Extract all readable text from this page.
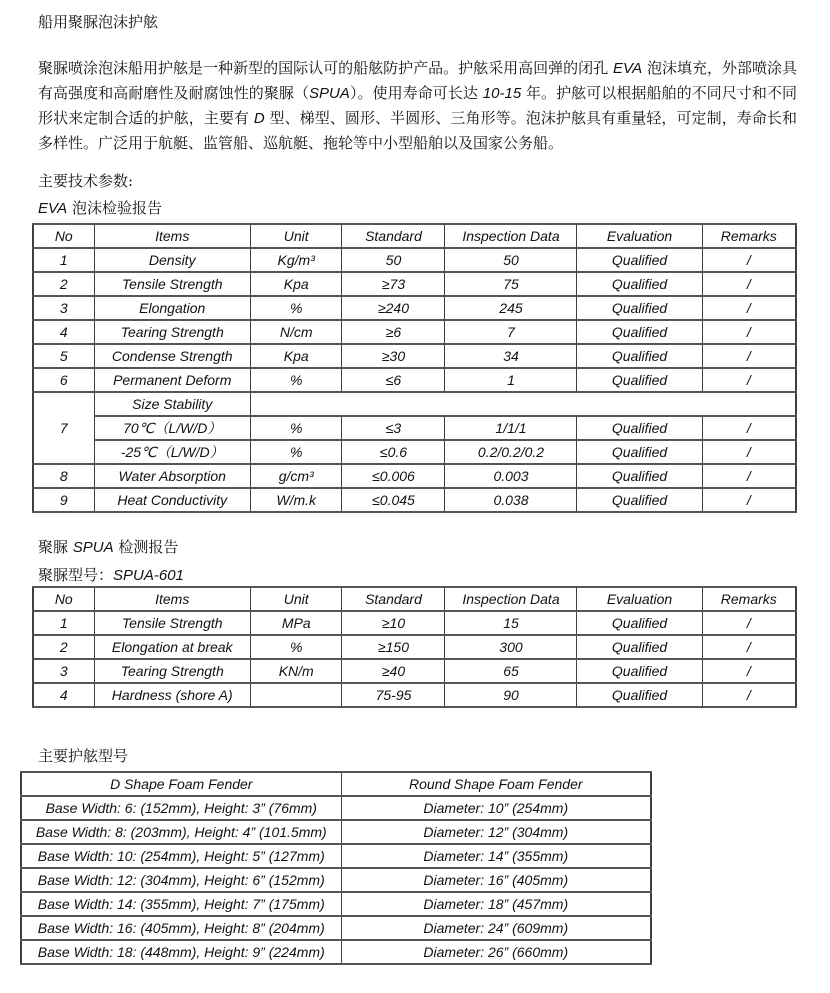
船用聚脲泡沫护舷

聚脲喷涂泡沫船用护舷是一种新型的国际认可的船舷防护产品。护舷采用高回弹的闭孔 EVA 泡沫填充，外部喷涂具有高强度和高耐磨性及耐腐蚀性的聚脲（SPUA）。使用寿命可长达 10-15 年。护舷可以根据船舶的不同尺寸和不同形状来定制合适的护舷，主要有 D 型、梯型、圆形、半圆形、三角形等。泡沫护舷具有重量轻，可定制，寿命长和多样性。广泛用于航艇、监管船、巡航艇、拖轮等中小型船舶以及国家公务船。

主要技术参数:
EVA 泡沫检验报告
No	Items	Unit	Standard	Inspection Data	Evaluation	Remarks
1	Density	Kg/m³	50	50	Qualified	/
2	Tensile Strength	Kpa	≥73	75	Qualified	/
3	Elongation	%	≥240	245	Qualified	/
4	Tearing Strength	N/cm	≥6	7	Qualified	/
5	Condense Strength	Kpa	≥30	34	Qualified	/
6	Permanent Deform	%	≤6	1	Qualified	/
7	Size Stability					
	70℃（L/W/D）	%	≤3	1/1/1	Qualified	/
	-25℃（L/W/D）	%	≤0.6	0.2/0.2/0.2	Qualified	/
8	Water Absorption	g/cm³	≤0.006	0.003	Qualified	/
9	Heat Conductivity	W/m.k	≤0.045	0.038	Qualified	/
聚脲 SPUA 检测报告
聚脲型号：SPUA-601
No	Items	Unit	Standard	Inspection Data	Evaluation	Remarks
1	Tensile Strength	MPa	≥10	15	Qualified	/
2	Elongation at break	%	≥150	300	Qualified	/
3	Tearing Strength	KN/m	≥40	65	Qualified	/
4	Hardness (shore A)		75-95	90	Qualified	/
主要护舷型号
D Shape Foam Fender	Round Shape Foam Fender
Base Width: 6: (152mm), Height: 3” (76mm)	Diameter: 10” (254mm)
Base Width: 8: (203mm), Height: 4” (101.5mm)	Diameter: 12” (304mm)
Base Width: 10: (254mm), Height: 5” (127mm)	Diameter: 14” (355mm)
Base Width: 12: (304mm), Height: 6” (152mm)	Diameter: 16” (405mm)
Base Width: 14: (355mm), Height: 7” (175mm)	Diameter: 18” (457mm)
Base Width: 16: (405mm), Height: 8” (204mm)	Diameter: 24” (609mm)
Base Width: 18: (448mm), Height: 9” (224mm)	Diameter: 26” (660mm)
